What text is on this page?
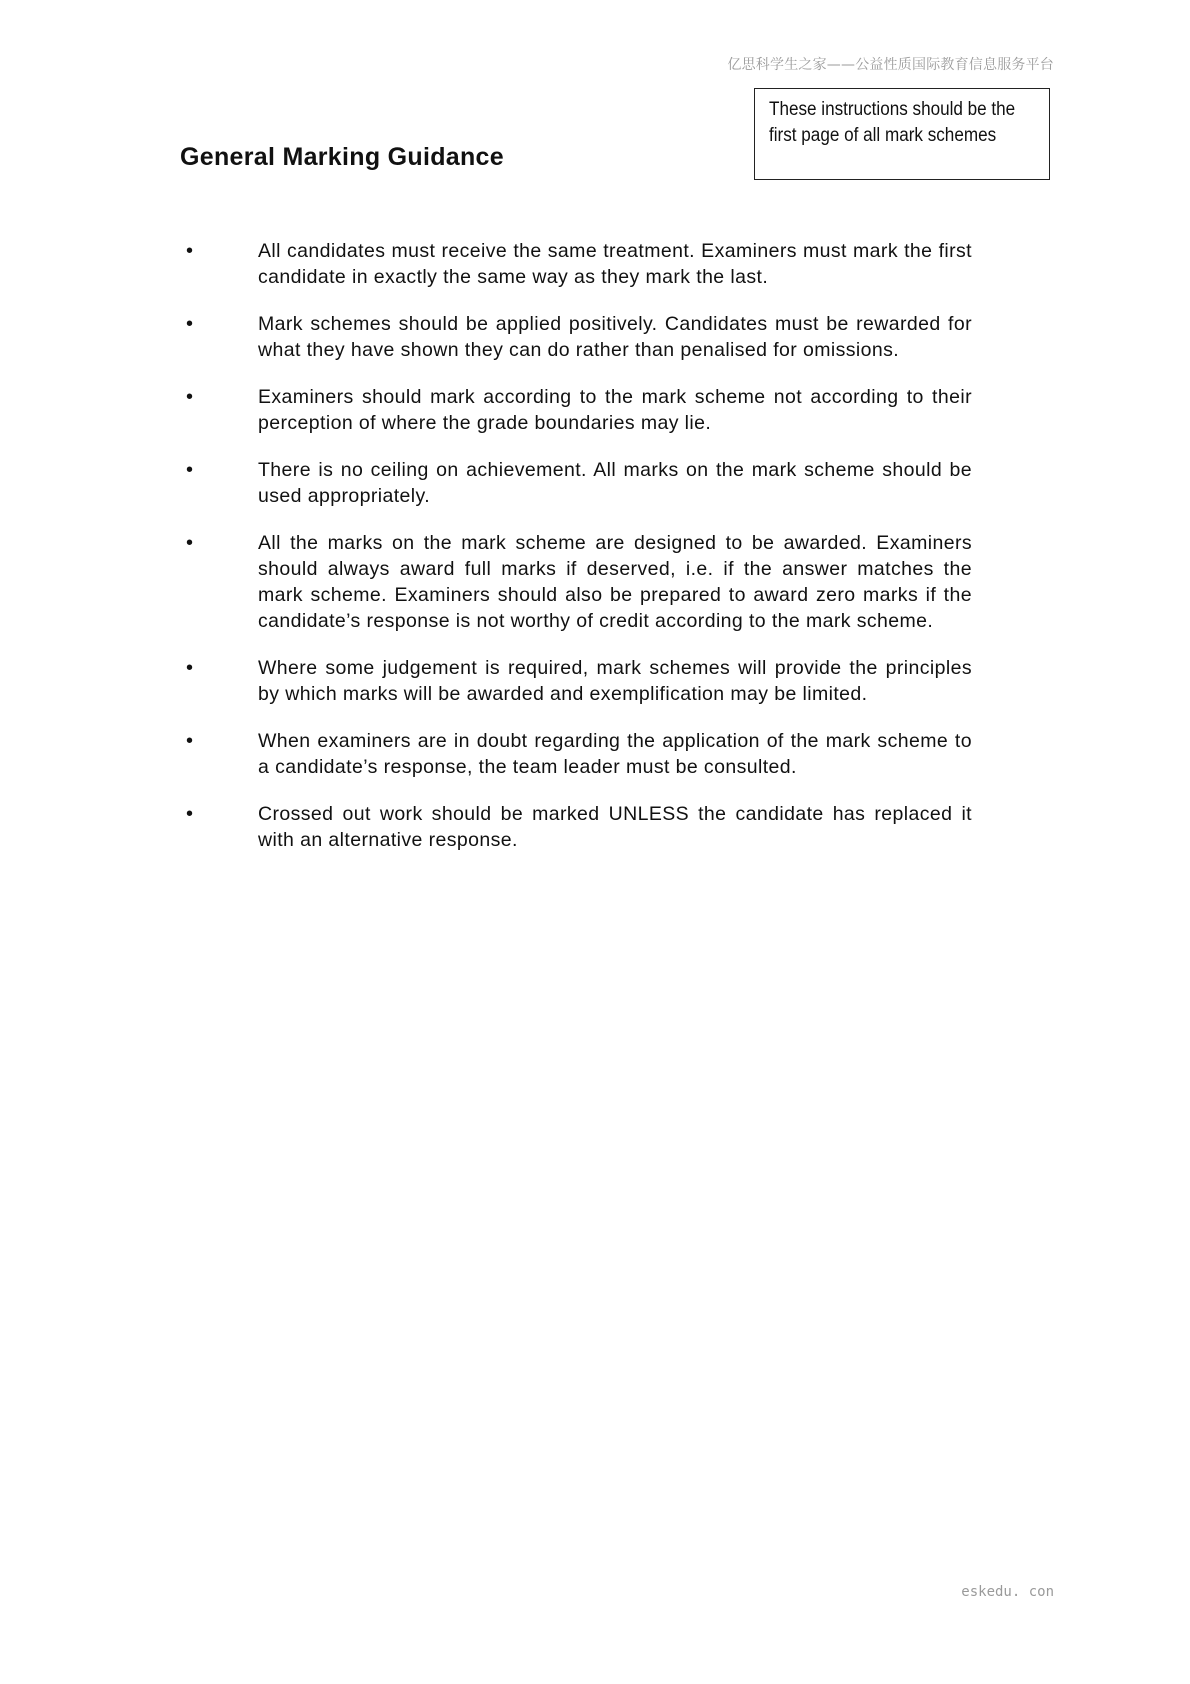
亿思科学生之家——公益性质国际教育信息服务平台
These instructions should be the
first page of all mark schemes
General Marking Guidance
•	All candidates must receive the same treatment. Examiners must mark the first candidate in exactly the same way as they mark the last.
•	Mark schemes should be applied positively. Candidates must be rewarded for what they have shown they can do rather than penalised for omissions.
•	Examiners should mark according to the mark scheme not according to their perception of where the grade boundaries may lie.
•	There is no ceiling on achievement. All marks on the mark scheme should be used appropriately.
•	All the marks on the mark scheme are designed to be awarded. Examiners should always award full marks if deserved, i.e. if the answer matches the mark scheme. Examiners should also be prepared to award zero marks if the candidate’s response is not worthy of credit according to the mark scheme.
•	Where some judgement is required, mark schemes will provide the principles by which marks will be awarded and exemplification may be limited.
•	When examiners are in doubt regarding the application of the mark scheme to a candidate’s response, the team leader must be consulted.
•	Crossed out work should be marked UNLESS the candidate has replaced it with an alternative response.
eskedu. con
